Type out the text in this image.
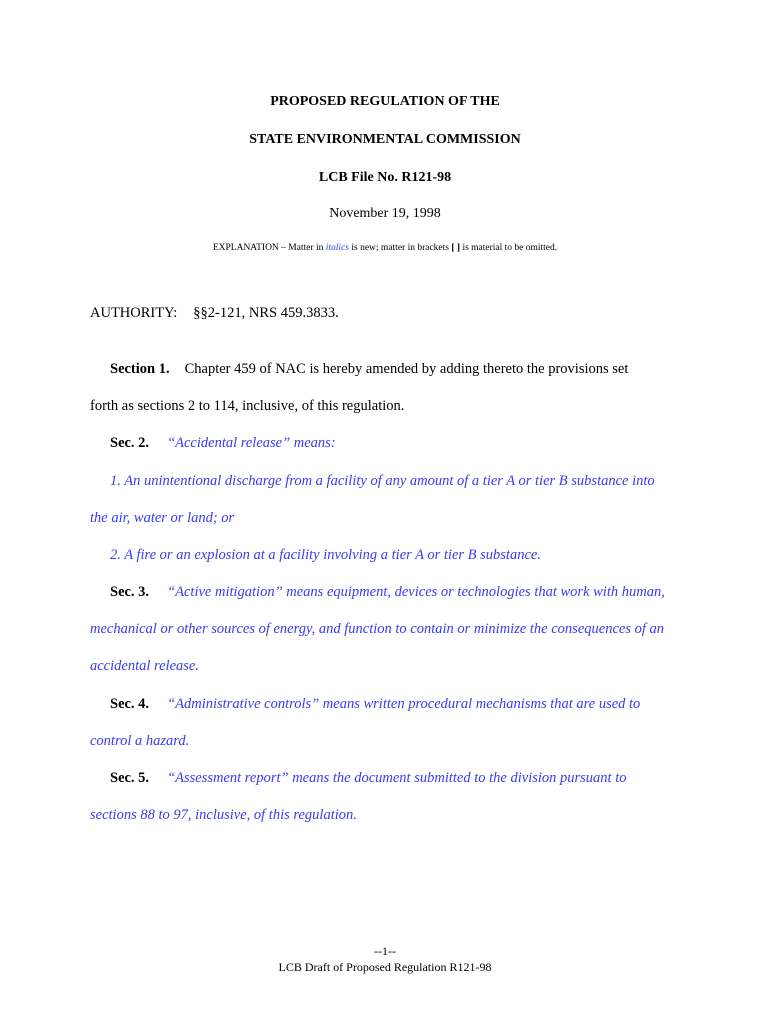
PROPOSED REGULATION OF THE
STATE ENVIRONMENTAL COMMISSION
LCB File No. R121-98
November 19, 1998
EXPLANATION – Matter in italics is new; matter in brackets [ ] is material to be omitted.
AUTHORITY: §§2-121, NRS 459.3833.
Section 1. Chapter 459 of NAC is hereby amended by adding thereto the provisions set
forth as sections 2 to 114, inclusive, of this regulation.
Sec. 2. “Accidental release” means:
1. An unintentional discharge from a facility of any amount of a tier A or tier B substance into
the air, water or land; or
2. A fire or an explosion at a facility involving a tier A or tier B substance.
Sec. 3. “Active mitigation” means equipment, devices or technologies that work with human,
mechanical or other sources of energy, and function to contain or minimize the consequences of an
accidental release.
Sec. 4. “Administrative controls” means written procedural mechanisms that are used to
control a hazard.
Sec. 5. “Assessment report” means the document submitted to the division pursuant to
sections 88 to 97, inclusive, of this regulation.
--1--
LCB Draft of Proposed Regulation R121-98
